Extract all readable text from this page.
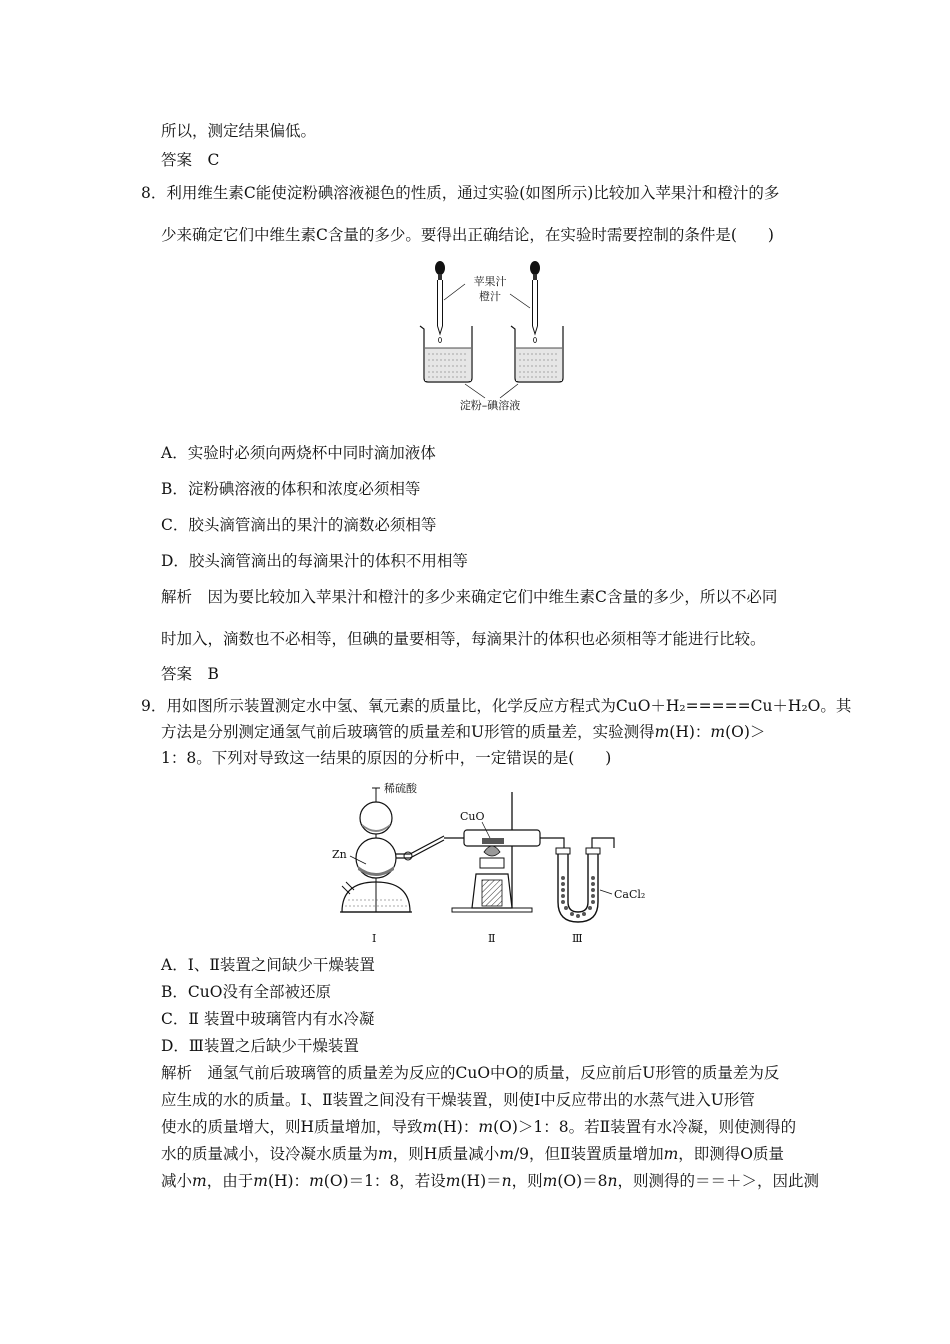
所以，测定结果偏低。
答案　C
8．利用维生素C能使淀粉碘溶液褪色的性质，通过实验(如图所示)比较加入苹果汁和橙汁的多
少来确定它们中维生素C含量的多少。要得出正确结论，在实验时需要控制的条件是(　　)
苹果汁
橙汁
淀粉–碘溶液
A．实验时必须向两烧杯中同时滴加液体
B．淀粉碘溶液的体积和浓度必须相等
C．胶头滴管滴出的果汁的滴数必须相等
D．胶头滴管滴出的每滴果汁的体积不用相等
解析　因为要比较加入苹果汁和橙汁的多少来确定它们中维生素C含量的多少，所以不必同
时加入，滴数也不必相等，但碘的量要相等，每滴果汁的体积也必须相等才能进行比较。
答案　B
9．用如图所示装置测定水中氢、氧元素的质量比，化学反应方程式为CuO＋H₂=====Cu＋H₂O。其
方法是分别测定通氢气前后玻璃管的质量差和U形管的质量差，实验测得m(H)：m(O)＞
1：8。下列对导致这一结果的原因的分析中，一定错误的是(　　)
稀硫酸
Zn
CuO
CaCl₂
Ⅰ	Ⅱ	Ⅲ
A．Ⅰ、Ⅱ装置之间缺少干燥装置
B．CuO没有全部被还原
C．Ⅱ 装置中玻璃管内有水冷凝
D．Ⅲ装置之后缺少干燥装置
解析　通氢气前后玻璃管的质量差为反应的CuO中O的质量，反应前后U形管的质量差为反
应生成的水的质量。Ⅰ、Ⅱ装置之间没有干燥装置，则使Ⅰ中反应带出的水蒸气进入U形管
使水的质量增大，则H质量增加，导致m(H)：m(O)＞1：8。若Ⅱ装置有水冷凝，则使测得的
水的质量减小，设冷凝水质量为m，则H质量减小m/9，但Ⅱ装置质量增加m，即测得O质量
减小m，由于m(H)：m(O)＝1：8，若设m(H)＝n，则m(O)＝8n，则测得的＝＝＋＞，因此测
